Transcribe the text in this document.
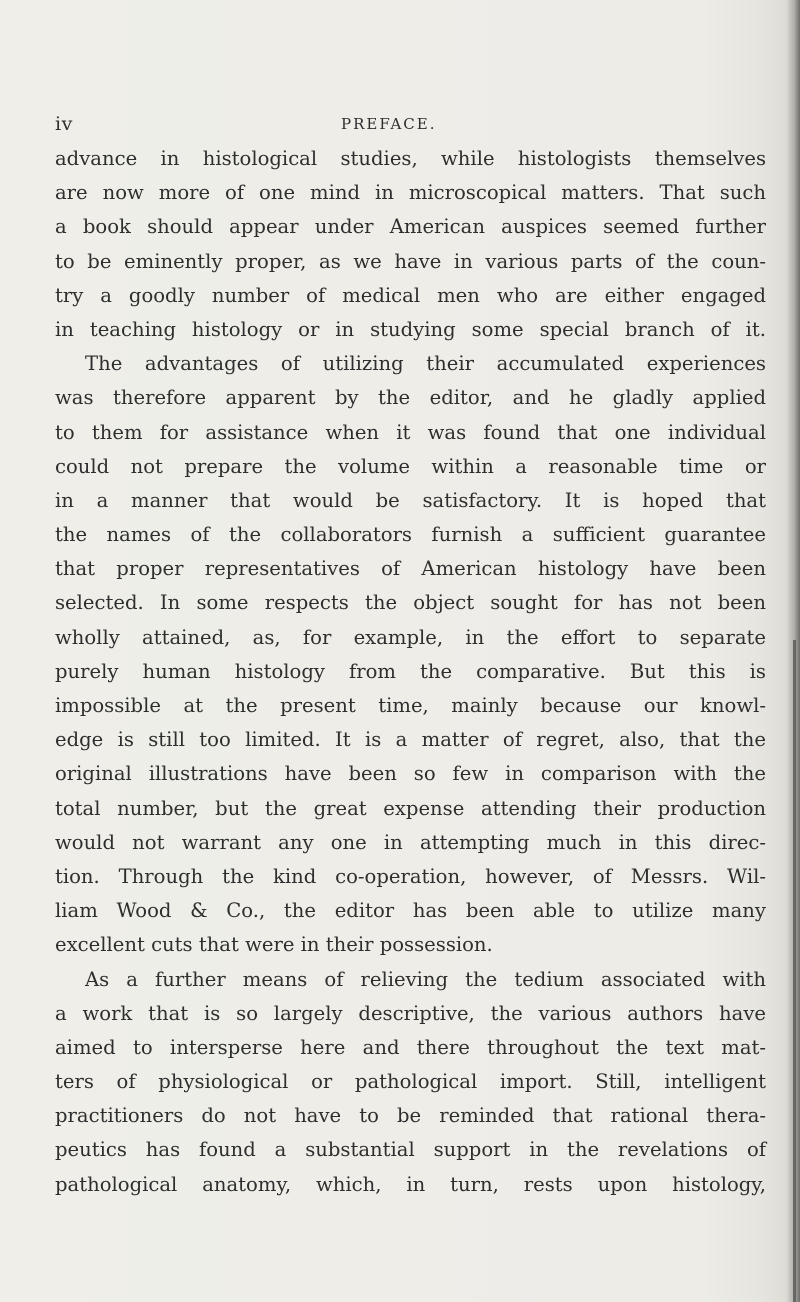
iv	PREFACE.
advance in histological studies, while histologists themselves
are now more of one mind in microscopical matters. That such
a book should appear under American auspices seemed further
to be eminently proper, as we have in various parts of the coun-
try a goodly number of medical men who are either engaged
in teaching histology or in studying some special branch of it.
The advantages of utilizing their accumulated experiences
was therefore apparent by the editor, and he gladly applied
to them for assistance when it was found that one individual
could not prepare the volume within a reasonable time or
in a manner that would be satisfactory. It is hoped that
the names of the collaborators furnish a sufficient guarantee
that proper representatives of American histology have been
selected. In some respects the object sought for has not been
wholly attained, as, for example, in the effort to separate
purely human histology from the comparative. But this is
impossible at the present time, mainly because our knowl-
edge is still too limited. It is a matter of regret, also, that the
original illustrations have been so few in comparison with the
total number, but the great expense attending their production
would not warrant any one in attempting much in this direc-
tion. Through the kind co-operation, however, of Messrs. Wil-
liam Wood & Co., the editor has been able to utilize many
excellent cuts that were in their possession.
As a further means of relieving the tedium associated with
a work that is so largely descriptive, the various authors have
aimed to intersperse here and there throughout the text mat-
ters of physiological or pathological import. Still, intelligent
practitioners do not have to be reminded that rational thera-
peutics has found a substantial support in the revelations of
pathological anatomy, which, in turn, rests upon histology,
